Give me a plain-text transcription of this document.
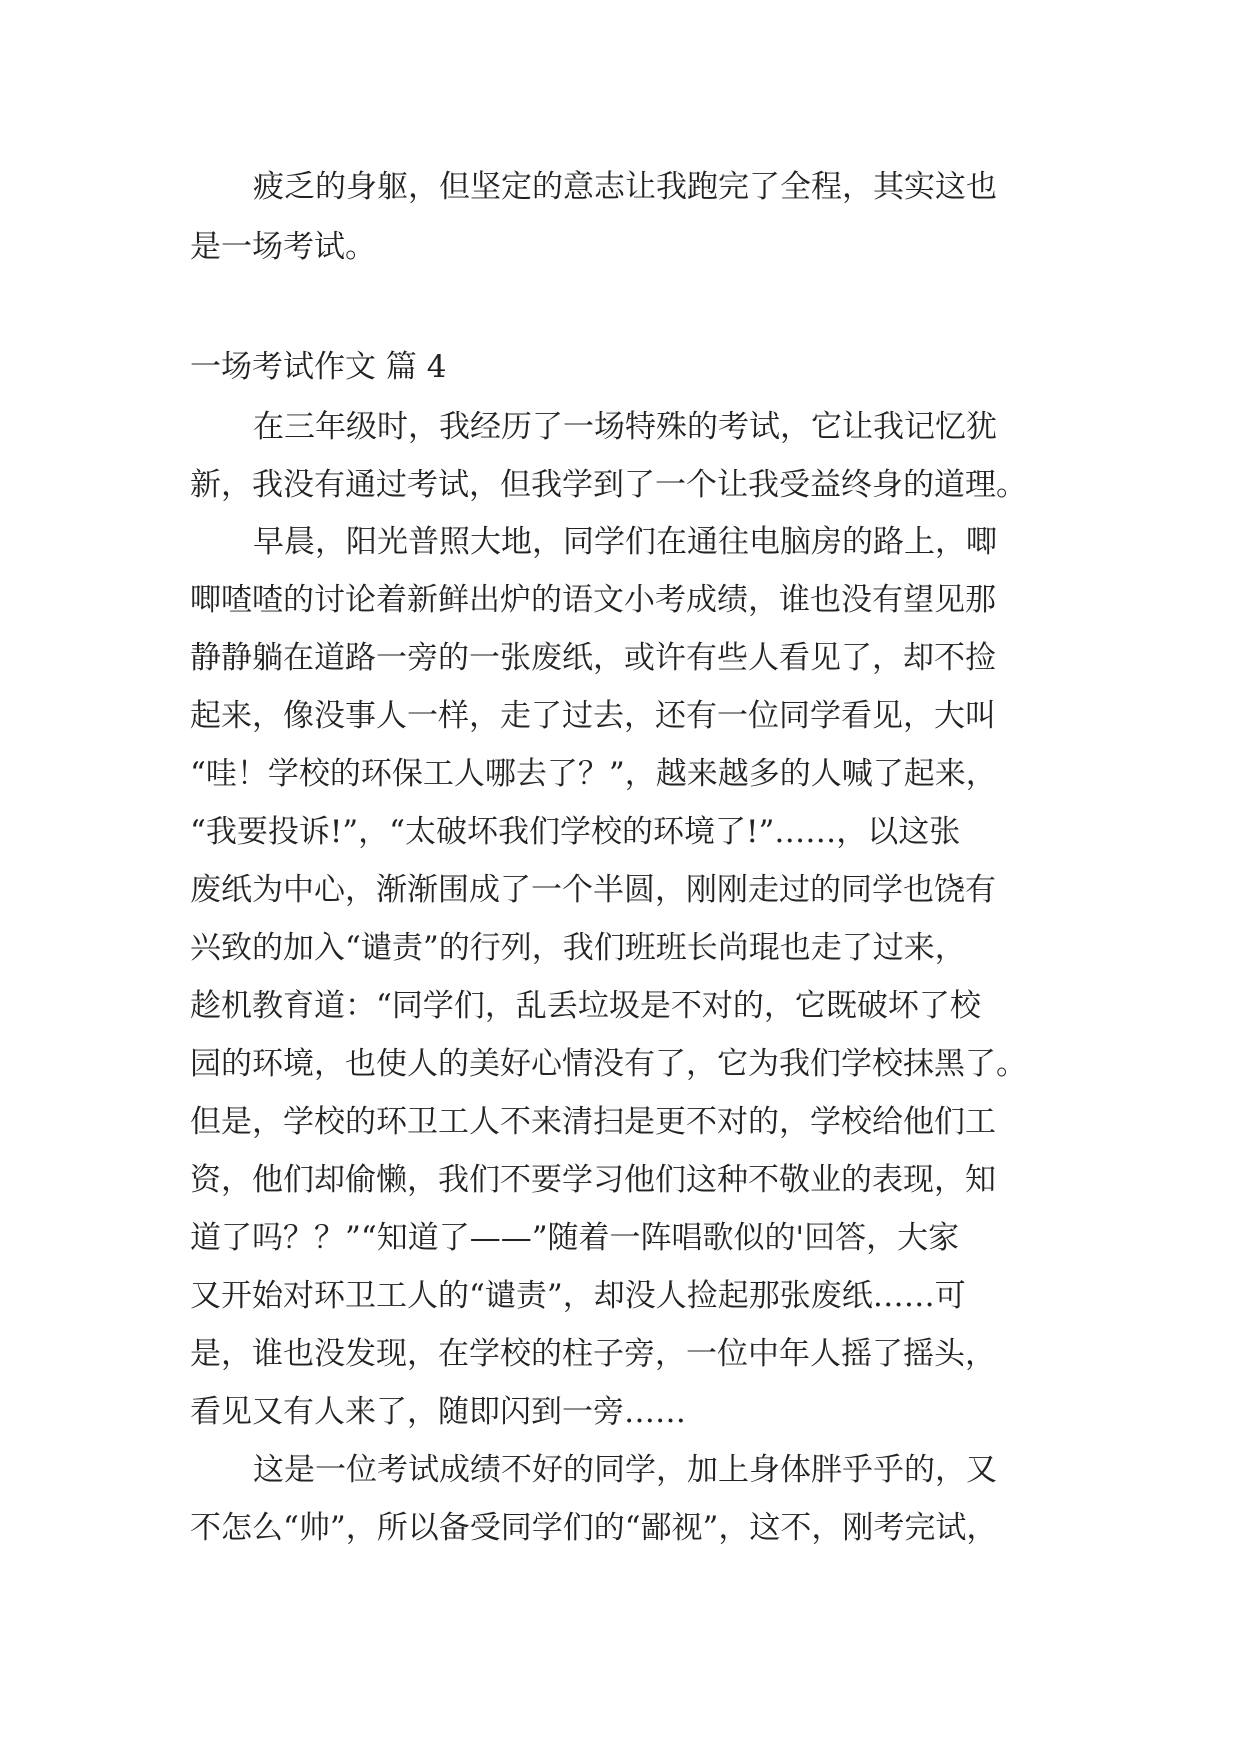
疲乏的身躯，但坚定的意志让我跑完了全程，其实这也

是一场考试。

一场考试作文 篇 4

在三年级时，我经历了一场特殊的考试，它让我记忆犹

新，我没有通过考试，但我学到了一个让我受益终身的道理。

早晨，阳光普照大地，同学们在通往电脑房的路上，唧

唧喳喳的讨论着新鲜出炉的语文小考成绩，谁也没有望见那

静静躺在道路一旁的一张废纸，或许有些人看见了，却不捡

起来，像没事人一样，走了过去，还有一位同学看见，大叫

“哇！学校的环保工人哪去了？”，越来越多的人喊了起来，

“我要投诉!”，“太破坏我们学校的环境了!”……，以这张

废纸为中心，渐渐围成了一个半圆，刚刚走过的同学也饶有

兴致的加入“谴责”的行列，我们班班长尚琨也走了过来，

趁机教育道：“同学们，乱丢垃圾是不对的，它既破坏了校

园的环境，也使人的美好心情没有了，它为我们学校抹黑了。

但是，学校的环卫工人不来清扫是更不对的，学校给他们工

资，他们却偷懒，我们不要学习他们这种不敬业的表现，知

道了吗？？”“知道了——”随着一阵唱歌似的'回答，大家

又开始对环卫工人的“谴责”，却没人捡起那张废纸……可

是，谁也没发现，在学校的柱子旁，一位中年人摇了摇头，

看见又有人来了，随即闪到一旁……

这是一位考试成绩不好的同学，加上身体胖乎乎的，又

不怎么“帅”，所以备受同学们的“鄙视”，这不，刚考完试，
